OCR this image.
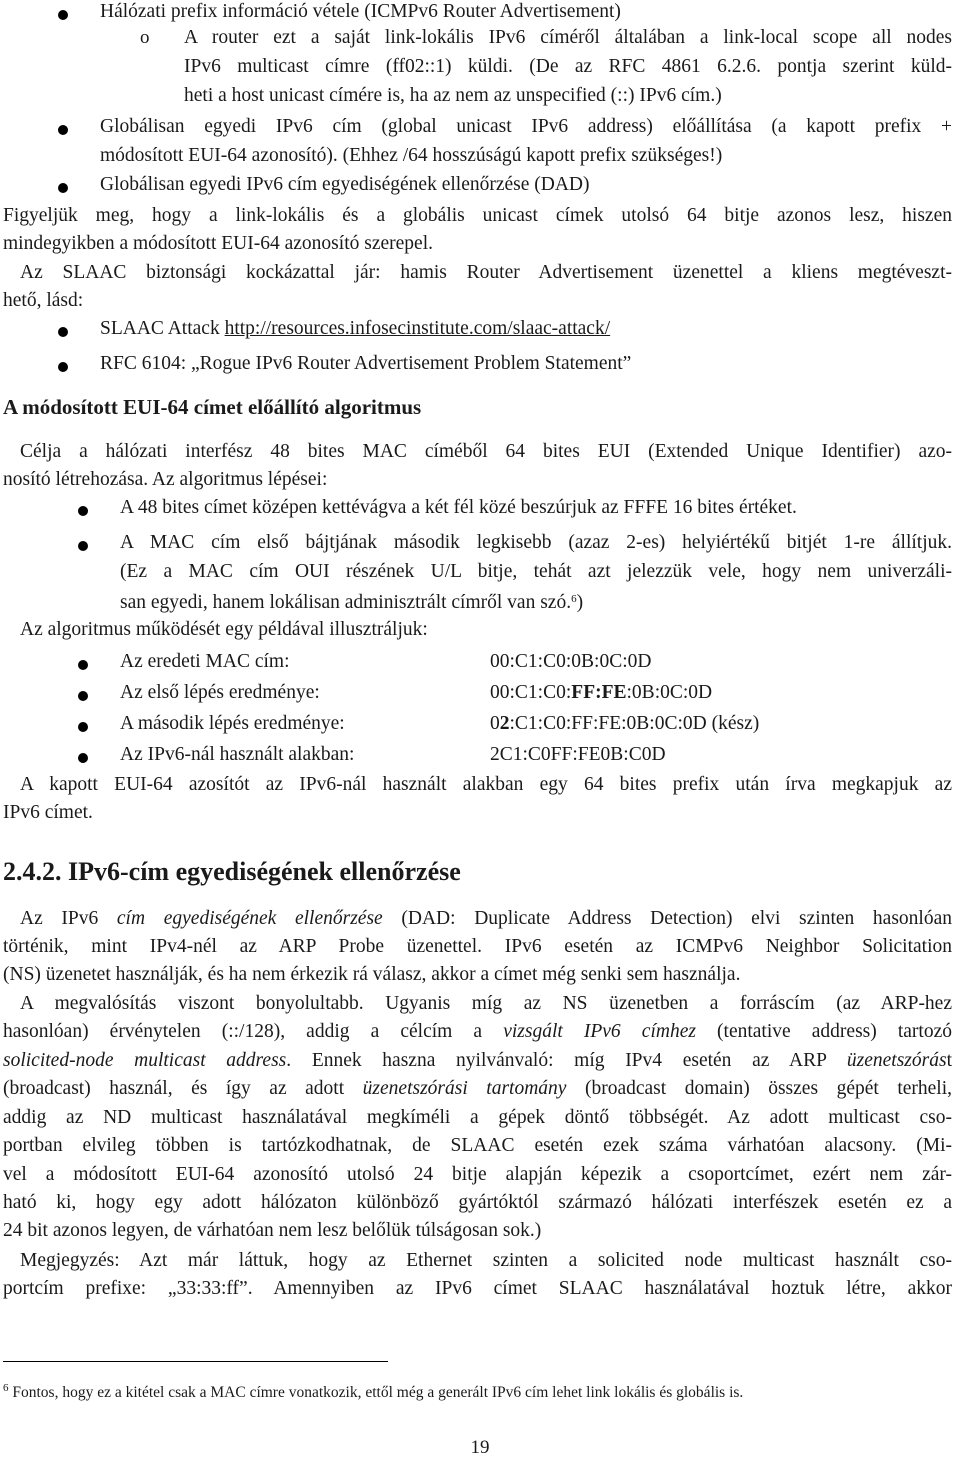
Hálózati prefix információ vétele (ICMPv6 Router Advertisement)
o A router ezt a saját link-lokális IPv6 címéről általában a link-local scope all nodes
IPv6 multicast címre (ff02::1) küldi. (De az RFC 4861 6.2.6. pontja szerint küld-
heti a host unicast címére is, ha az nem az unspecified (::) IPv6 cím.)
Globálisan egyedi IPv6 cím (global unicast IPv6 address) előállítása (a kapott prefix +
módosított EUI-64 azonosító). (Ehhez /64 hosszúságú kapott prefix szükséges!)
Globálisan egyedi IPv6 cím egyediségének ellenőrzése (DAD)
Figyeljük meg, hogy a link-lokális és a globális unicast címek utolsó 64 bitje azonos lesz, hiszen
mindegyikben a módosított EUI-64 azonosító szerepel.
Az SLAAC biztonsági kockázattal jár: hamis Router Advertisement üzenettel a kliens megtéveszt-
hető, lásd:
SLAAC Attack http://resources.infosecinstitute.com/slaac-attack/
RFC 6104: „Rogue IPv6 Router Advertisement Problem Statement”
A módosított EUI-64 címet előállító algoritmus
Célja a hálózati interfész 48 bites MAC címéből 64 bites EUI (Extended Unique Identifier) azo-
nosító létrehozása. Az algoritmus lépései:
A 48 bites címet középen kettévágva a két fél közé beszúrjuk az FFFE 16 bites értéket.
A MAC cím első bájtjának második legkisebb (azaz 2-es) helyiértékű bitjét 1-re állítjuk.
(Ez a MAC cím OUI részének U/L bitje, tehát azt jelezzük vele, hogy nem univerzáli-
san egyedi, hanem lokálisan adminisztrált címről van szó.$^6$)
Az algoritmus működését egy példával illusztráljuk:
Az eredeti MAC cím:	00:C1:C0:0B:0C:0D
Az első lépés eredménye:	00:C1:C0:FF:FE:0B:0C:0D
A második lépés eredménye:	02:C1:C0:FF:FE:0B:0C:0D (kész)
Az IPv6-nál használt alakban:	2C1:C0FF:FE0B:C0D
A kapott EUI-64 azosítót az IPv6-nál használt alakban egy 64 bites prefix után írva megkapjuk az
IPv6 címet.
2.4.2. IPv6-cím egyediségének ellenőrzése
Az IPv6 cím egyediségének ellenőrzése (DAD: Duplicate Address Detection) elvi szinten hasonlóan
történik, mint IPv4-nél az ARP Probe üzenettel. IPv6 esetén az ICMPv6 Neighbor Solicitation
(NS) üzenetet használják, és ha nem érkezik rá válasz, akkor a címet még senki sem használja.
A megvalósítás viszont bonyolultabb. Ugyanis míg az NS üzenetben a forráscím (az ARP-hez
hasonlóan) érvénytelen (::/128), addig a célcím a vizsgált IPv6 címhez (tentative address) tartozó
solicited-node multicast address. Ennek haszna nyilvánvaló: míg IPv4 esetén az ARP üzenetszórást
(broadcast) használ, és így az adott üzenetszórási tartomány (broadcast domain) összes gépét terheli,
addig az ND multicast használatával megkíméli a gépek döntő többségét. Az adott multicast cso-
portban elvileg többen is tartózkodhatnak, de SLAAC esetén ezek száma várhatóan alacsony. (Mi-
vel a módosított EUI-64 azonosító utolsó 24 bitje alapján képezik a csoportcímet, ezért nem zár-
ható ki, hogy egy adott hálózaton különböző gyártóktól származó hálózati interfészek esetén ez a
24 bit azonos legyen, de várhatóan nem lesz belőlük túlságosan sok.)
Megjegyzés: Azt már láttuk, hogy az Ethernet szinten a solicited node multicast használt cso-
portcím prefixe: „33:33:ff”. Amennyiben az IPv6 címet SLAAC használatával hoztuk létre, akkor
$^6$ Fontos, hogy ez a kitétel csak a MAC címre vonatkozik, ettől még a generált IPv6 cím lehet link lokális és globális is.
19
